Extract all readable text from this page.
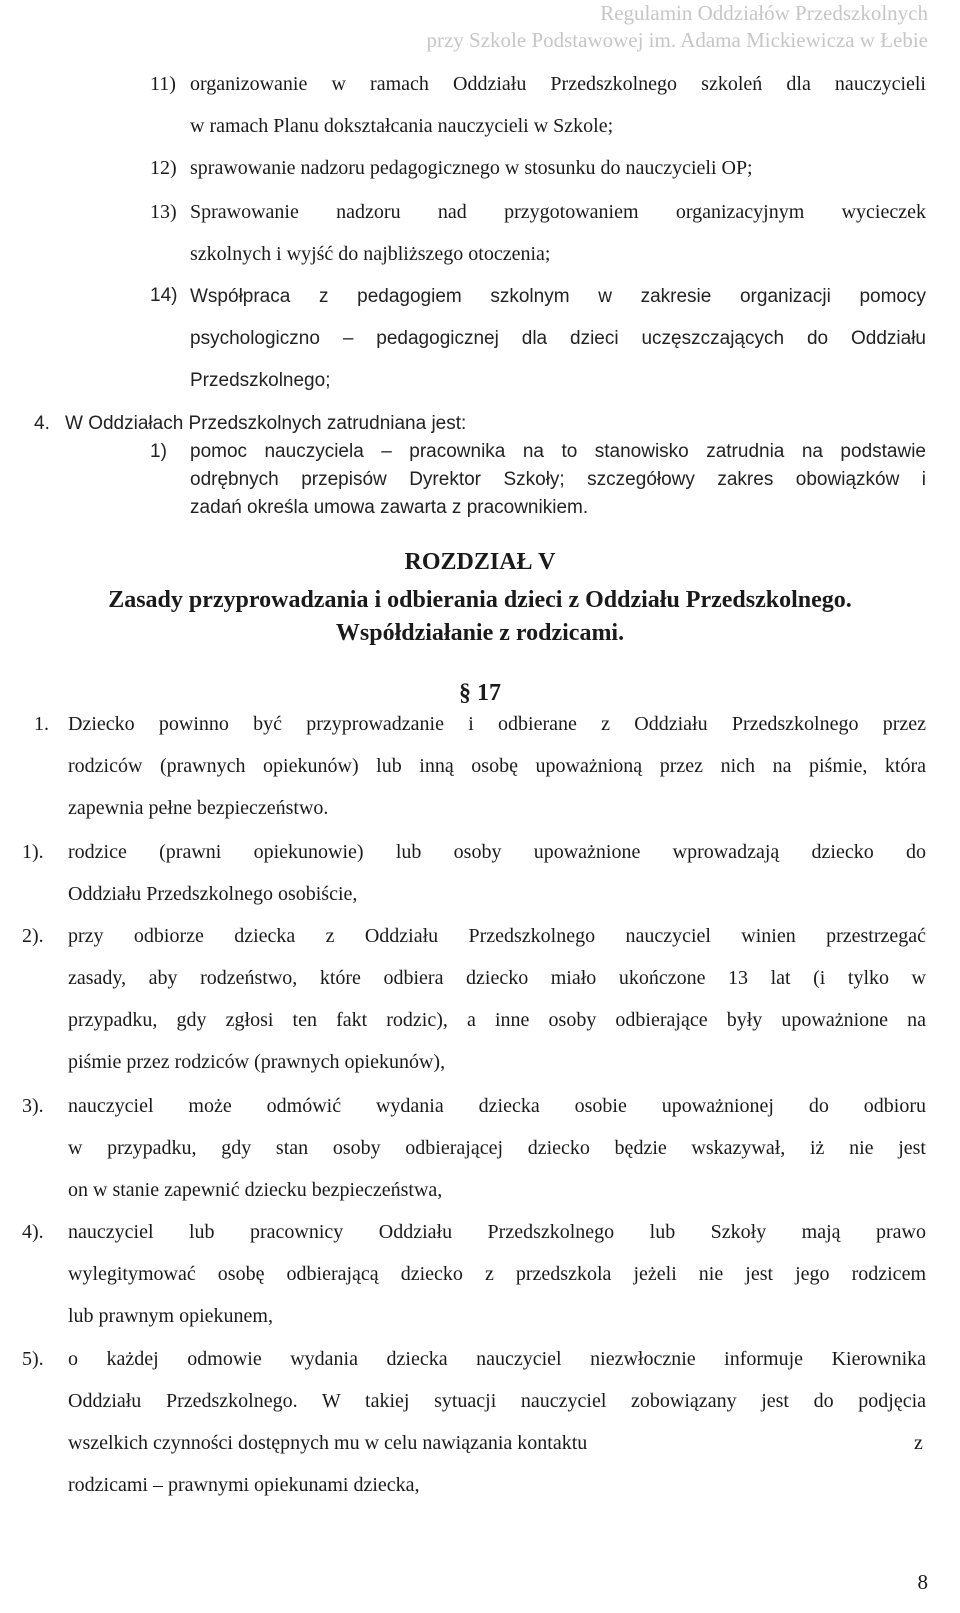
Regulamin Oddziałów Przedszkolnych
przy Szkole Podstawowej im. Adama Mickiewicza w Łebie
11) organizowanie w ramach Oddziału Przedszkolnego szkoleń dla nauczycieli
w ramach Planu dokształcania nauczycieli w Szkole;
12) sprawowanie nadzoru pedagogicznego w stosunku do nauczycieli OP;
13) Sprawowanie nadzoru nad przygotowaniem organizacyjnym wycieczek
szkolnych i wyjść do najbliższego otoczenia;
14) Współpraca z pedagogiem szkolnym w zakresie organizacji pomocy
psychologiczno – pedagogicznej dla dzieci uczęszczających do Oddziału
Przedszkolnego;
4. W Oddziałach Przedszkolnych zatrudniana jest:
1) pomoc nauczyciela – pracownika na to stanowisko zatrudnia na podstawie
odrębnych przepisów Dyrektor Szkoły; szczegółowy zakres obowiązków i
zadań określa umowa zawarta z pracownikiem.
ROZDZIAŁ V
Zasady przyprowadzania i odbierania dzieci z Oddziału Przedszkolnego.
Współdziałanie z rodzicami.
§ 17
1. Dziecko powinno być przyprowadzanie i odbierane z Oddziału Przedszkolnego przez
rodziców (prawnych opiekunów) lub inną osobę upoważnioną przez nich na piśmie, która
zapewnia pełne bezpieczeństwo.
1). rodzice (prawni opiekunowie) lub osoby upoważnione wprowadzają dziecko do
Oddziału Przedszkolnego osobiście,
2). przy odbiorze dziecka z Oddziału Przedszkolnego nauczyciel winien przestrzegać
zasady, aby rodzeństwo, które odbiera dziecko miało ukończone 13 lat (i tylko w
przypadku, gdy zgłosi ten fakt rodzic), a inne osoby odbierające były upoważnione na
piśmie przez rodziców (prawnych opiekunów),
3). nauczyciel może odmówić wydania dziecka osobie upoważnionej do odbioru
w przypadku, gdy stan osoby odbierającej dziecko będzie wskazywał, iż nie jest
on w stanie zapewnić dziecku bezpieczeństwa,
4). nauczyciel lub pracownicy Oddziału Przedszkolnego lub Szkoły mają prawo
wylegitymować osobę odbierającą dziecko z przedszkola jeżeli nie jest jego rodzicem
lub prawnym opiekunem,
5). o każdej odmowie wydania dziecka nauczyciel niezwłocznie informuje Kierownika
Oddziału Przedszkolnego. W takiej sytuacji nauczyciel zobowiązany jest do podjęcia
wszelkich czynności dostępnych mu w celu nawiązania kontaktu	z
rodzicami – prawnymi opiekunami dziecka,
8
